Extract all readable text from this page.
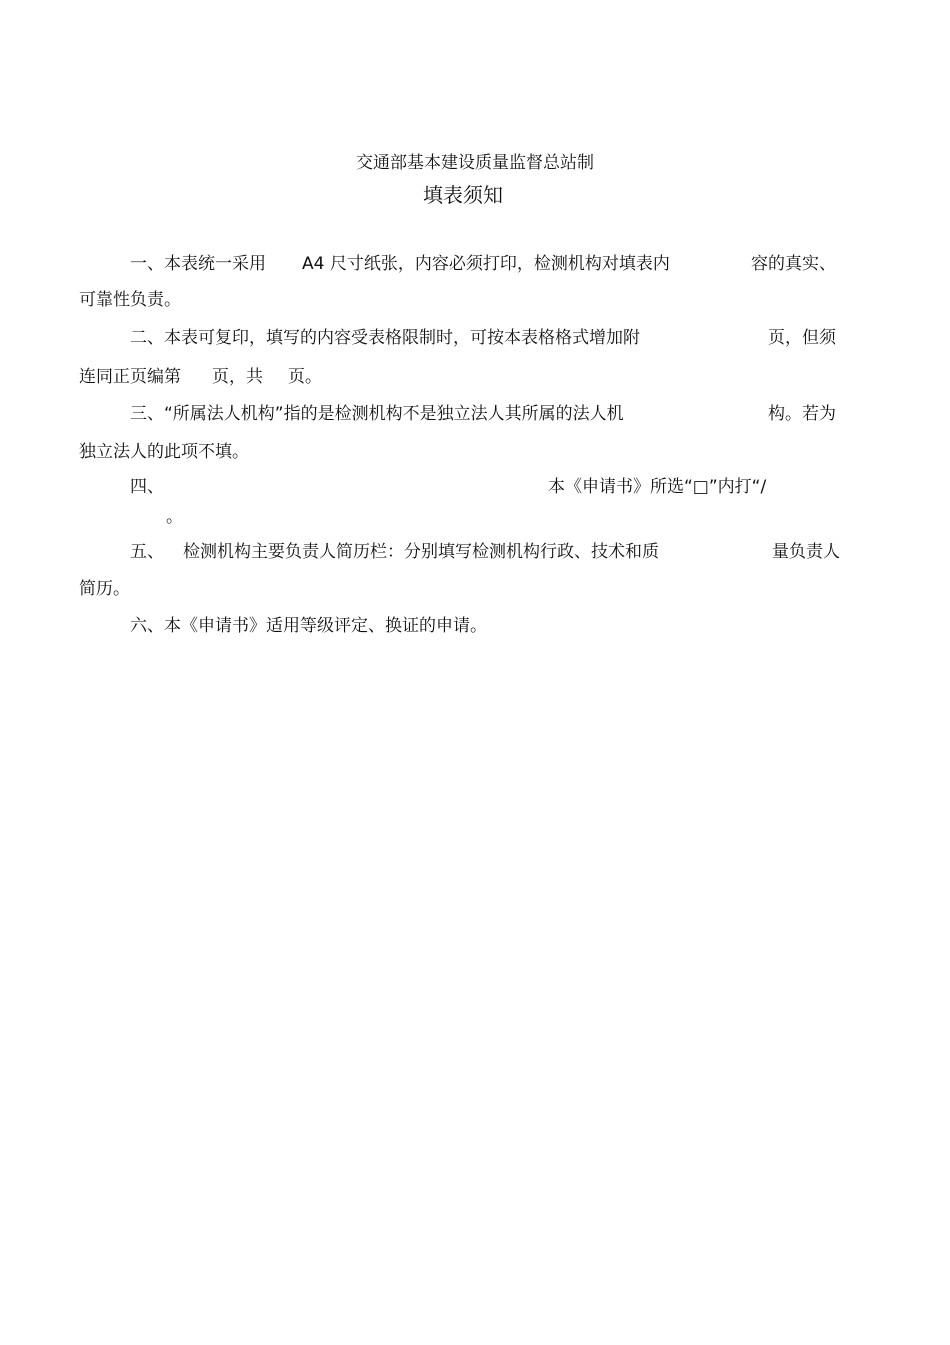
交通部基本建设质量监督总站制
填表须知
一、本表统一采用 A4 尺寸纸张，内容必须打印，检测机构对填表内	容的真实、
可靠性负责。
二、本表可复印，填写的内容受表格限制时，可按本表格格式增加附	页，但须
连同正页编第 页，共 页。
三、“所属法人机构”指的是检测机构不是独立法人其所属的法人机	构。若为
独立法人的此项不填。
四、	本《申请书》所选“□”内打“/
。
五、 检测机构主要负责人简历栏：分别填写检测机构行政、技术和质	量负责人
简历。
六、本《申请书》适用等级评定、换证的申请。
